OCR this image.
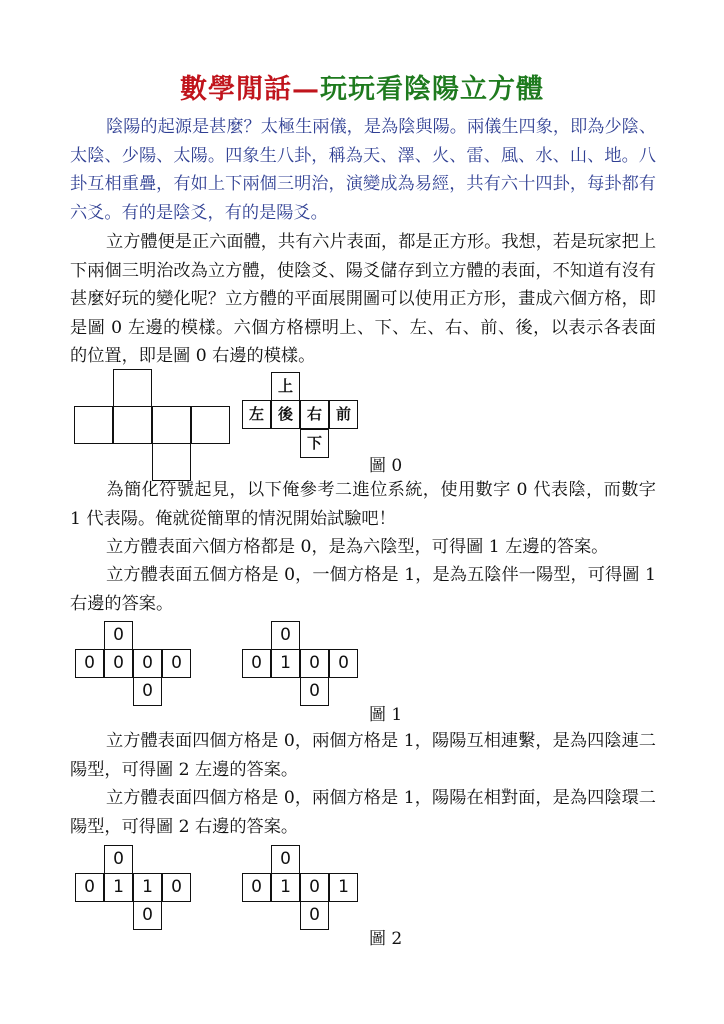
數學閒話—玩玩看陰陽立方體

陰陽的起源是甚麼？太極生兩儀，是為陰與陽。兩儀生四象，即為少陰、太陰、少陽、太陽。四象生八卦，稱為天、澤、火、雷、風、水、山、地。八卦互相重疊，有如上下兩個三明治，演變成為易經，共有六十四卦，每卦都有六爻。有的是陰爻，有的是陽爻。

立方體便是正六面體，共有六片表面，都是正方形。我想，若是玩家把上下兩個三明治改為立方體，使陰爻、陽爻儲存到立方體的表面，不知道有沒有甚麼好玩的變化呢？立方體的平面展開圖可以使用正方形，畫成六個方格，即是圖 0 左邊的模樣。六個方格標明上、下、左、右、前、後，以表示各表面的位置，即是圖 0 右邊的模樣。

上
左 後 右 前
下
圖 0

為簡化符號起見，以下俺參考二進位系統，使用數字 0 代表陰，而數字 1 代表陽。俺就從簡單的情況開始試驗吧！

立方體表面六個方格都是 0，是為六陰型，可得圖 1 左邊的答案。

立方體表面五個方格是 0，一個方格是 1，是為五陰伴一陽型，可得圖 1 右邊的答案。

0
0	0	0	0
0
0
0	1	0	0
0
圖 1

立方體表面四個方格是 0，兩個方格是 1，陽陽互相連繫，是為四陰連二陽型，可得圖 2 左邊的答案。

立方體表面四個方格是 0，兩個方格是 1，陽陽在相對面，是為四陰環二陽型，可得圖 2 右邊的答案。

0
0	1	1	0
0
0
0	1	0	1
0
圖 2
